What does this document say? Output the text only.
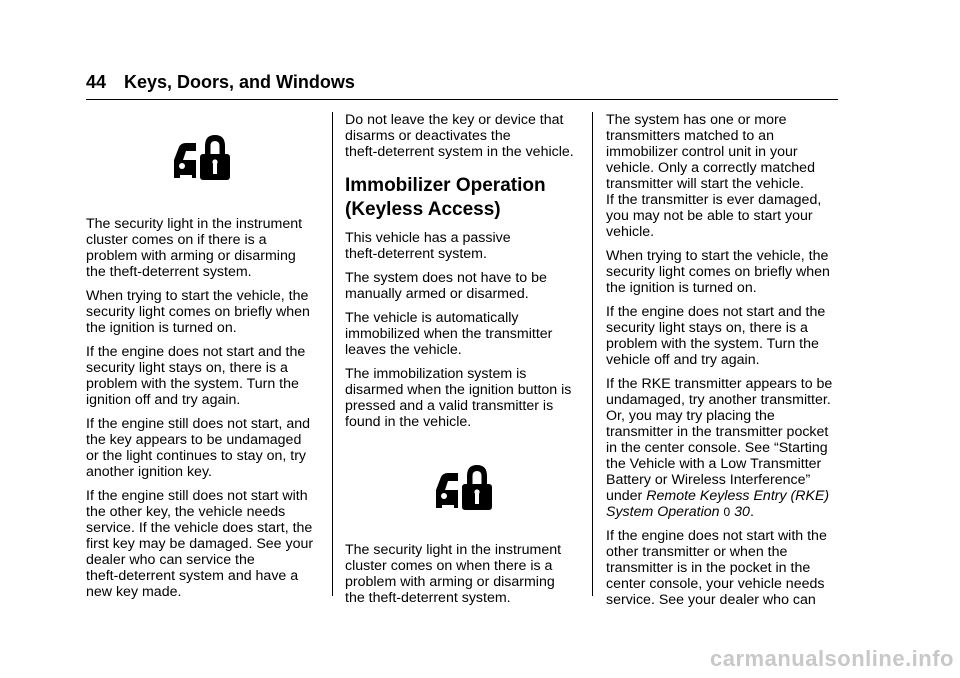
44 Keys, Doors, and Windows

The security light in the instrument
cluster comes on if there is a
problem with arming or disarming
the theft-deterrent system.

When trying to start the vehicle, the
security light comes on briefly when
the ignition is turned on.

If the engine does not start and the
security light stays on, there is a
problem with the system. Turn the
ignition off and try again.

If the engine still does not start, and
the key appears to be undamaged
or the light continues to stay on, try
another ignition key.

If the engine still does not start with
the other key, the vehicle needs
service. If the vehicle does start, the
first key may be damaged. See your
dealer who can service the
theft-deterrent system and have a
new key made.

Do not leave the key or device that
disarms or deactivates the
theft-deterrent system in the vehicle.

Immobilizer Operation
(Keyless Access)

This vehicle has a passive
theft-deterrent system.

The system does not have to be
manually armed or disarmed.

The vehicle is automatically
immobilized when the transmitter
leaves the vehicle.

The immobilization system is
disarmed when the ignition button is
pressed and a valid transmitter is
found in the vehicle.

The security light in the instrument
cluster comes on when there is a
problem with arming or disarming
the theft-deterrent system.

The system has one or more
transmitters matched to an
immobilizer control unit in your
vehicle. Only a correctly matched
transmitter will start the vehicle.
If the transmitter is ever damaged,
you may not be able to start your
vehicle.

When trying to start the vehicle, the
security light comes on briefly when
the ignition is turned on.

If the engine does not start and the
security light stays on, there is a
problem with the system. Turn the
vehicle off and try again.

If the RKE transmitter appears to be
undamaged, try another transmitter.
Or, you may try placing the
transmitter in the transmitter pocket
in the center console. See “Starting
the Vehicle with a Low Transmitter
Battery or Wireless Interference”
under Remote Keyless Entry (RKE)
System Operation 0 30.

If the engine does not start with the
other transmitter or when the
transmitter is in the pocket in the
center console, your vehicle needs
service. See your dealer who can

carmanualsonline.info
